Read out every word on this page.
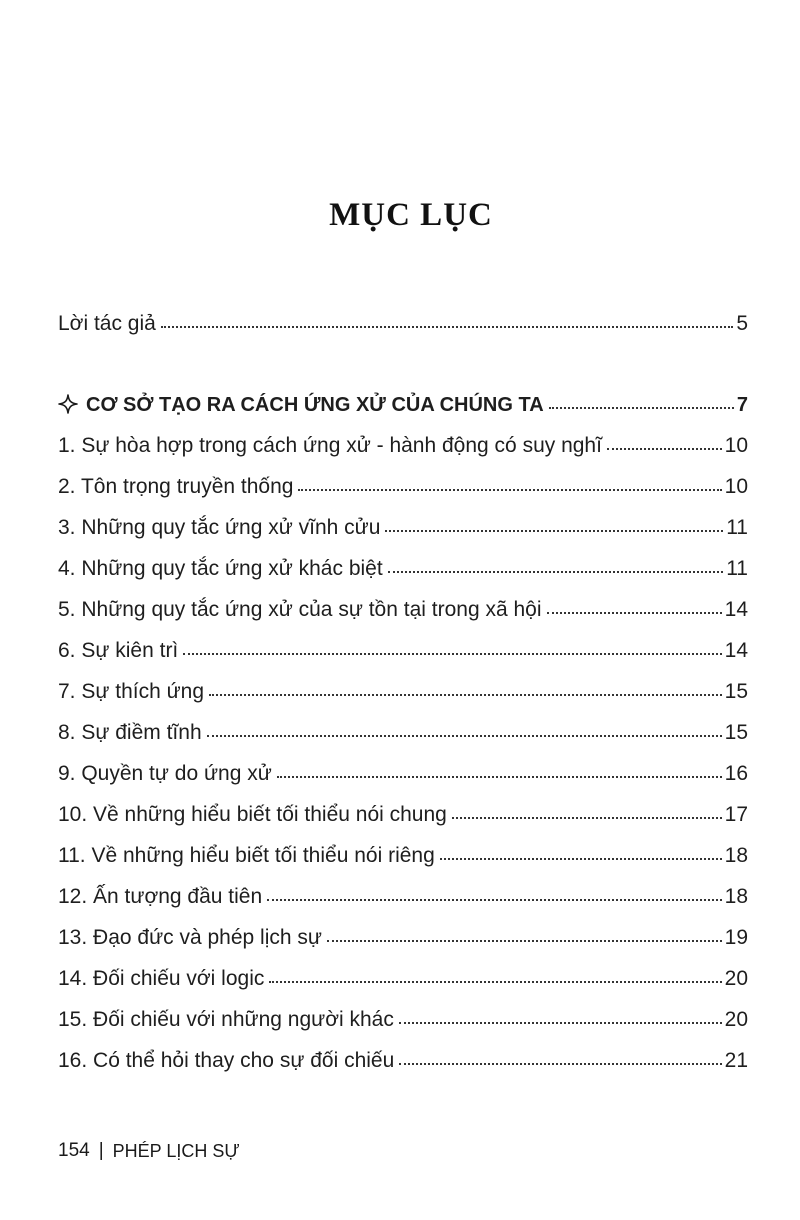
MỤC LỤC
Lời tác giả	5
CƠ SỞ TẠO RA CÁCH ỨNG XỬ CỦA CHÚNG TA	7
1. Sự hòa hợp trong cách ứng xử - hành động có suy nghĩ	10
2. Tôn trọng truyền thống	10
3. Những quy tắc ứng xử vĩnh cửu	11
4. Những quy tắc ứng xử khác biệt	11
5. Những quy tắc ứng xử của sự tồn tại trong xã hội	14
6. Sự kiên trì	14
7. Sự thích ứng	15
8. Sự điềm tĩnh	15
9. Quyền tự do ứng xử	16
10. Về những hiểu biết tối thiểu nói chung	17
11. Về những hiểu biết tối thiểu nói riêng	18
12. Ấn tượng đầu tiên	18
13. Đạo đức và phép lịch sự	19
14. Đối chiếu với logic	20
15. Đối chiếu với những người khác	20
16. Có thể hỏi thay cho sự đối chiếu	21
154 | PHÉP LỊCH SỰ
